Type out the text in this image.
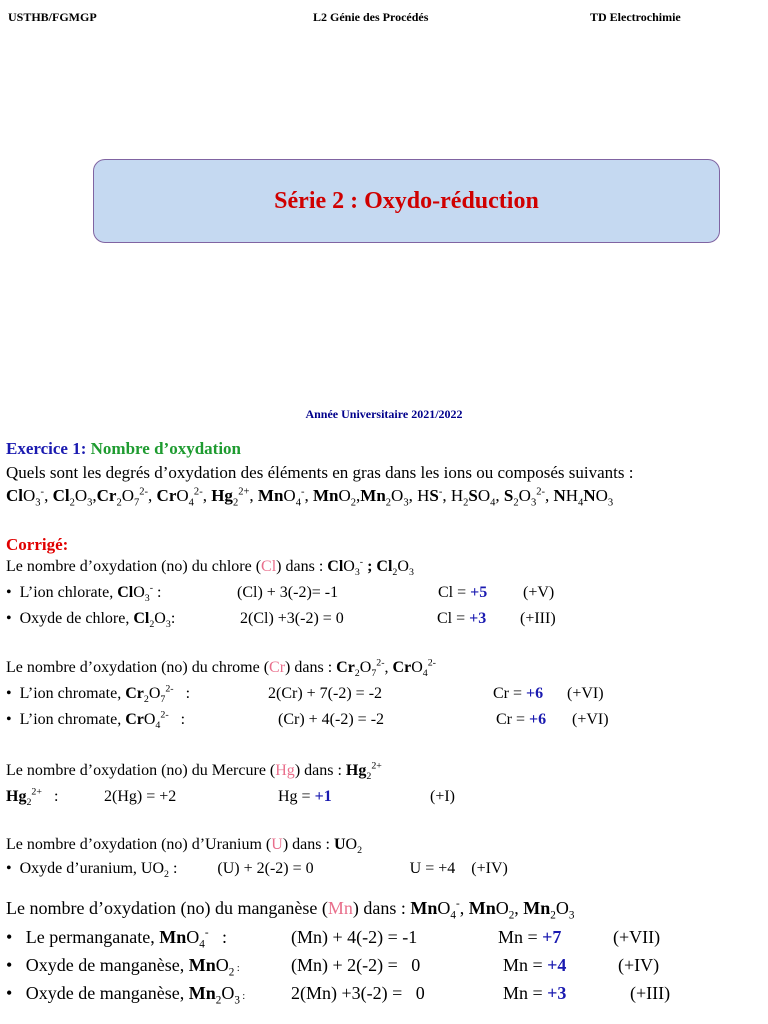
USTHB/FGMGP	L2 Génie des Procédés	TD Electrochimie
Série 2 : Oxydo-réduction
Année Universitaire 2021/2022
Exercice 1: Nombre d’oxydation
Quels sont les degrés d’oxydation des éléments en gras dans les ions ou composés suivants :
ClO$_3$-, $Cl_2O_3,Cr_2O_7^{2-}$, CrO$_4^{2-}$, $Hg_2^{2+}$, MnO$_4$-, $MnO_2,Mn_2O_3$, HS-, $H_2SO_4$, $S_2O_3^{2-}$, $NH_4NO_3$
Corrigé:
Le nombre d’oxydation (no) du chlore (Cl) dans : ClO$_3$- ; $Cl_2O_3$
•  L’ion chlorate, ClO$_3$- :	(Cl) + 3(-2)= -1	Cl = +5 (+V)
•  Oxyde de chlore, $Cl_2O_3$:	2(Cl) +3(-2) = 0	Cl = +3 (+III)
Le nombre d’oxydation (no) du chrome (Cr) dans : $Cr_2O_7^{2-}$, CrO$_4^{2-}$
•  L’ion chromate, $Cr_2O_7^{2-}$   :	2(Cr) + 7(-2) = -2	Cr = +6 (+VI)
•  L’ion chromate, CrO$_4^{2-}$   :	(Cr) + 4(-2) = -2	Cr = +6 (+VI)
Le nombre d’oxydation (no) du Mercure (Hg) dans : $Hg_2^{2+}$
$Hg_2^{2+}$   :	2(Hg) = +2	Hg = +1	(+I)
Le nombre d’oxydation (no) d’Uranium (U) dans : $UO_2$
•  Oxyde d’uranium, $UO_2$ :          (U) + 2(-2) = 0                        U = +4    (+IV)
Le nombre d’oxydation (no) du manganèse (Mn) dans : MnO$_4$-, MnO$_2$, $Mn_2O_3$
•   Le permanganate, MnO$_4$-   :	(Mn) + 4(-2) = -1	Mn = +7	(+VII)
•   Oxyde de manganèse, MnO$_2$ :	(Mn) + 2(-2) =   0	Mn = +4	(+IV)
•   Oxyde de manganèse, $Mn_2O_3$ :	2(Mn) +3(-2) =   0	Mn = +3	(+III)
